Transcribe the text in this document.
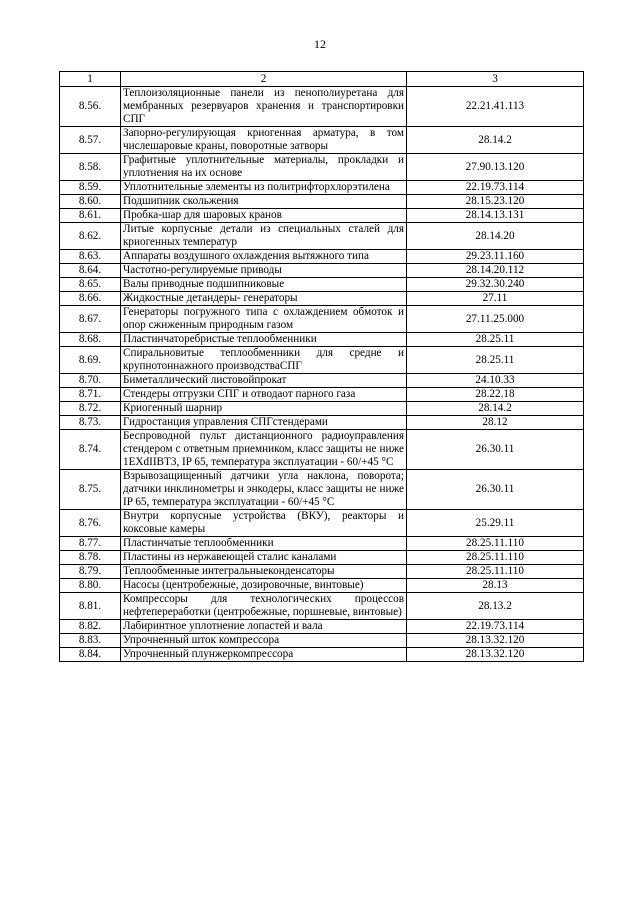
12
1	2	3
8.56.	Теплоизоляционные панели из пенополиуретана для мембранных резервуаров хранения и транспортировки СПГ	22.21.41.113
8.57.	Запорно-регулирующая криогенная арматура, в том числешаровые краны, поворотные затворы	28.14.2
8.58.	Графитные уплотнительные материалы, прокладки и уплотнения на их основе	27.90.13.120
8.59.	Уплотнительные элементы из политрифторхлорэтилена	22.19.73.114
8.60.	Подшипник скольжения	28.15.23.120
8.61.	Пробка-шар для шаровых кранов	28.14.13.131
8.62.	Литые корпусные детали из специальных сталей для криогенных температур	28.14.20
8.63.	Аппараты воздушного охлаждения вытяжного типа	29.23.11.160
8.64.	Частотно-регулируемые приводы	28.14.20.112
8.65.	Валы приводные подшипниковые	29.32.30.240
8.66.	Жидкостные детандеры- генераторы	27.11
8.67.	Генераторы погружного типа с охлаждением обмоток и опор сжиженным природным газом	27.11.25.000
8.68.	Пластинчаторебристые теплообменники	28.25.11
8.69.	Спиральновитые теплообменники для средне и крупнотоннажного производстваСПГ	28.25.11
8.70.	Биметаллический листовойпрокат	24.10.33
8.71.	Стендеры отгрузки СПГ и отводаот парного газа	28.22.18
8.72.	Криогенный шарнир	28.14.2
8.73.	Гидростанция управления СПГстендерами	28.12
8.74.	Беспроводной пульт дистанционного радиоуправления стендером с ответным приемником, класс защиты не ниже 1EXdIIBT3, IP 65, температура эксплуатации - 60/+45 °С	26.30.11
8.75.	Взрывозащищенный датчики угла наклона, поворота; датчики инклинометры и энкодеры, класс защиты не ниже IP 65, температура эксплуатации - 60/+45 °С	26.30.11
8.76.	Внутри корпусные устройства (ВКУ), реакторы и коксовые камеры	25.29.11
8.77.	Пластинчатые теплообменники	28.25.11.110
8.78.	Пластины из нержавеющей сталис каналами	28.25.11.110
8.79.	Теплообменные интегральныеконденсаторы	28.25.11.110
8.80.	Насосы (центробежные, дозировочные, винтовые)	28.13
8.81.	Компрессоры для технологических процессов нефтепереработки (центробежные, поршневые, винтовые)	28.13.2
8.82.	Лабиринтное уплотнение лопастей и вала	22.19.73.114
8.83.	Упрочненный шток компрессора	28.13.32.120
8.84.	Упрочненный плунжеркомпрессора	28.13.32.120
